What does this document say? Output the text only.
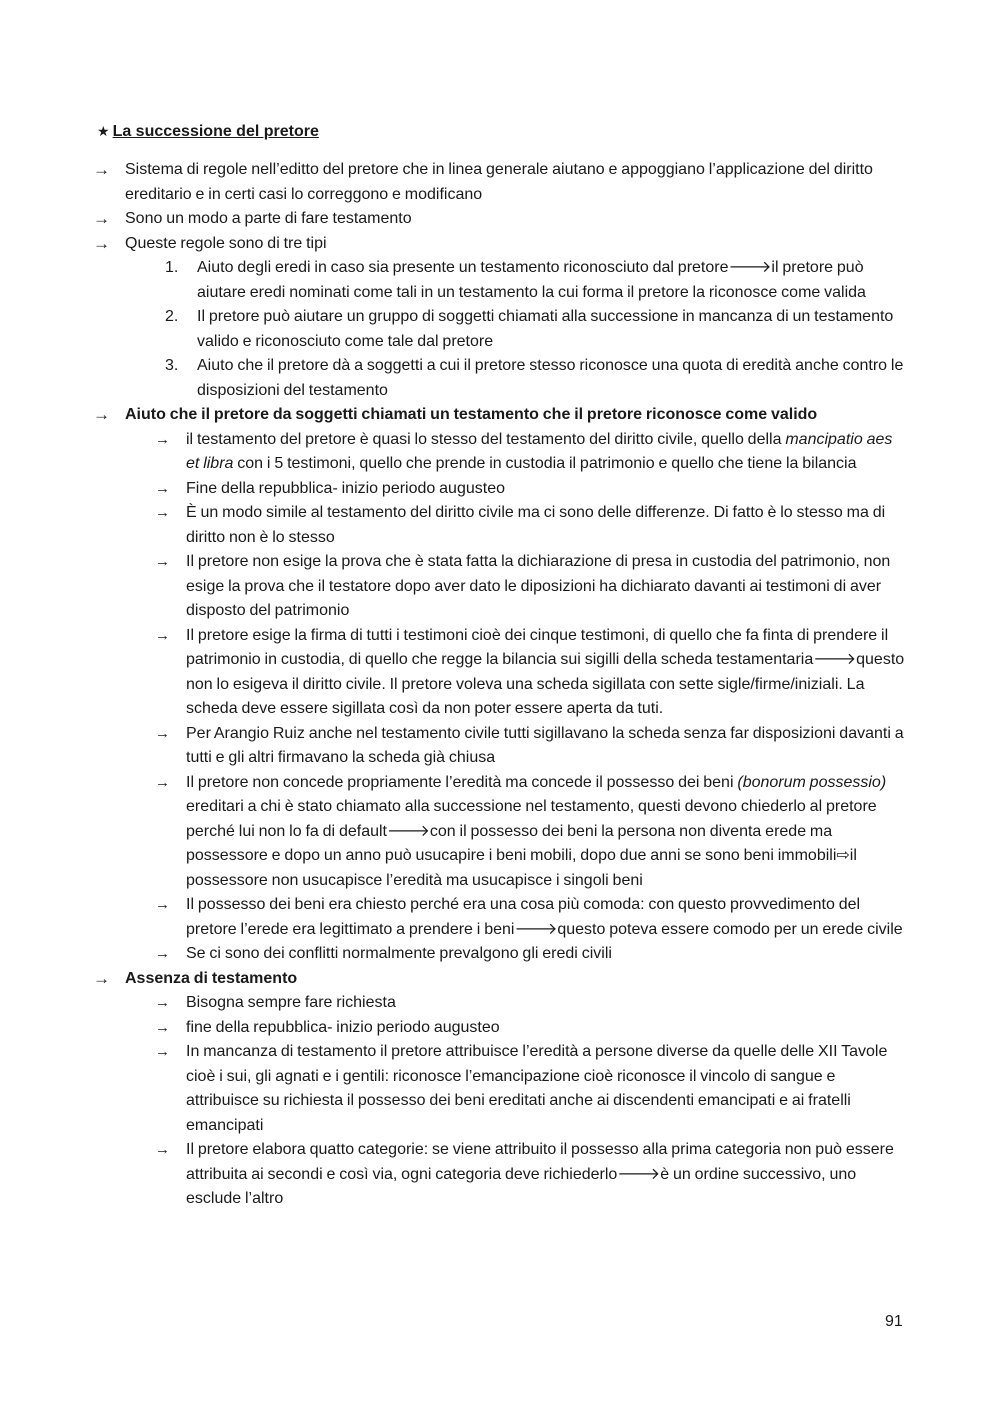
★ La successione del pretore
→ Sistema di regole nell’editto del pretore che in linea generale aiutano e appoggiano l’applicazione del diritto ereditario e in certi casi lo correggono e modificano
→ Sono un modo a parte di fare testamento
→ Queste regole sono di tre tipi
1. Aiuto degli eredi in caso sia presente un testamento riconosciuto dal pretore🡒il pretore può aiutare eredi nominati come tali in un testamento la cui forma il pretore la riconosce come valida
2. Il pretore può aiutare un gruppo di soggetti chiamati alla successione in mancanza di un testamento valido e riconosciuto come tale dal pretore
3. Aiuto che il pretore dà a soggetti a cui il pretore stesso riconosce una quota di eredità anche contro le disposizioni del testamento
→ Aiuto che il pretore da soggetti chiamati un testamento che il pretore riconosce come valido
→ il testamento del pretore è quasi lo stesso del testamento del diritto civile, quello della mancipatio aes et libra con i 5 testimoni, quello che prende in custodia il patrimonio e quello che tiene la bilancia
→ Fine della repubblica- inizio periodo augusteo
→ È un modo simile al testamento del diritto civile ma ci sono delle differenze. Di fatto è lo stesso ma di diritto non è lo stesso
→ Il pretore non esige la prova che è stata fatta la dichiarazione di presa in custodia del patrimonio, non esige la prova che il testatore dopo aver dato le diposizioni ha dichiarato davanti ai testimoni di aver disposto del patrimonio
→ Il pretore esige la firma di tutti i testimoni cioè dei cinque testimoni, di quello che fa finta di prendere il patrimonio in custodia, di quello che regge la bilancia sui sigilli della scheda testamentaria🡒questo non lo esigeva il diritto civile. Il pretore voleva una scheda sigillata con sette sigle/firme/iniziali. La scheda deve essere sigillata così da non poter essere aperta da tuti.
→ Per Arangio Ruiz anche nel testamento civile tutti sigillavano la scheda senza far disposizioni davanti a tutti e gli altri firmavano la scheda già chiusa
→ Il pretore non concede propriamente l’eredità ma concede il possesso dei beni (bonorum possessio) ereditari a chi è stato chiamato alla successione nel testamento, questi devono chiederlo al pretore perché lui non lo fa di default🡒con il possesso dei beni la persona non diventa erede ma possessore e dopo un anno può usucapire i beni mobili, dopo due anni se sono beni immobili⇨il possessore non usucapisce l’eredità ma usucapisce i singoli beni
→ Il possesso dei beni era chiesto perché era una cosa più comoda: con questo provvedimento del pretore l’erede era legittimato a prendere i beni🡒questo poteva essere comodo per un erede civile
→ Se ci sono dei conflitti normalmente prevalgono gli eredi civili
→ Assenza di testamento
→ Bisogna sempre fare richiesta
→ fine della repubblica- inizio periodo augusteo
→ In mancanza di testamento il pretore attribuisce l’eredità a persone diverse da quelle delle XII Tavole cioè i sui, gli agnati e i gentili: riconosce l’emancipazione cioè riconosce il vincolo di sangue e attribuisce su richiesta il possesso dei beni ereditati anche ai discendenti emancipati e ai fratelli emancipati
→ Il pretore elabora quatto categorie: se viene attribuito il possesso alla prima categoria non può essere attribuita ai secondi e così via, ogni categoria deve richiederlo🡒è un ordine successivo, uno esclude l’altro
91
